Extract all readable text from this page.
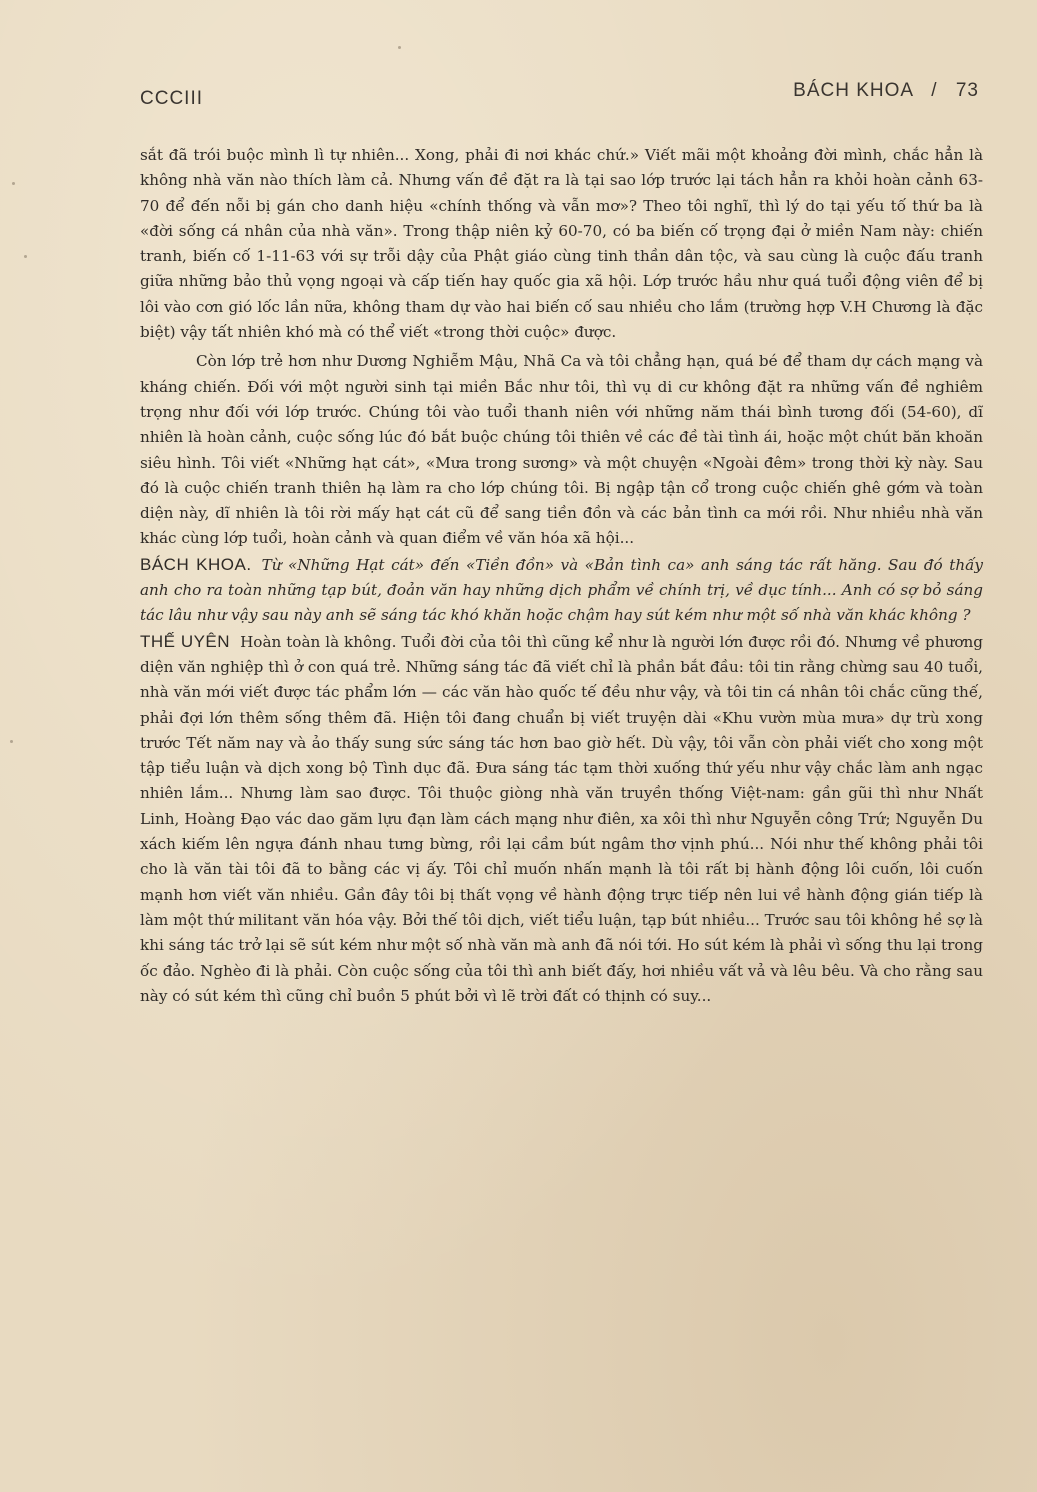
CCCIII	BÁCH KHOA / 73

sắt đã trói buộc mình lì tự nhiên... Xong, phải đi nơi khác chứ.» Viết mãi một khoảng đời mình, chắc hẳn là không nhà văn nào thích làm cả. Nhưng vấn đề đặt ra là tại sao lớp trước lại tách hẳn ra khỏi hoàn cảnh 63-70 để đến nỗi bị gán cho danh hiệu «chính thống và vẫn mơ»? Theo tôi nghĩ, thì lý do tại yếu tố thứ ba là «đời sống cá nhân của nhà văn». Trong thập niên kỷ 60-70, có ba biến cố trọng đại ở miền Nam này: chiến tranh, biến cố 1-11-63 với sự trỗi dậy của Phật giáo cùng tinh thần dân tộc, và sau cùng là cuộc đấu tranh giữa những bảo thủ vọng ngoại và cấp tiến hay quốc gia xã hội. Lớp trước hầu như quá tuổi động viên để bị lôi vào cơn gió lốc lần nữa, không tham dự vào hai biến cố sau nhiều cho lắm (trường hợp V.H Chương là đặc biệt) vậy tất nhiên khó mà có thể viết «trong thời cuộc» được.

Còn lớp trẻ hơn như Dương Nghiễm Mậu, Nhã Ca và tôi chẳng hạn, quá bé để tham dự cách mạng và kháng chiến. Đối với một người sinh tại miền Bắc như tôi, thì vụ di cư không đặt ra những vấn đề nghiêm trọng như đối với lớp trước. Chúng tôi vào tuổi thanh niên với những năm thái bình tương đối (54-60), dĩ nhiên là hoàn cảnh, cuộc sống lúc đó bắt buộc chúng tôi thiên về các đề tài tình ái, hoặc một chút băn khoăn siêu hình. Tôi viết «Những hạt cát», «Mưa trong sương» và một chuyện «Ngoài đêm» trong thời kỳ này. Sau đó là cuộc chiến tranh thiên hạ làm ra cho lớp chúng tôi. Bị ngập tận cổ trong cuộc chiến ghê gớm và toàn diện này, dĩ nhiên là tôi rời mấy hạt cát cũ để sang tiền đồn và các bản tình ca mới rồi. Như nhiều nhà văn khác cùng lớp tuổi, hoàn cảnh và quan điểm về văn hóa xã hội...

BÁCH KHOA. Từ «Những Hạt cát» đến «Tiền đồn» và «Bản tình ca» anh sáng tác rất hăng. Sau đó thấy anh cho ra toàn những tạp bút, đoản văn hay những dịch phẩm về chính trị, về dục tính... Anh có sợ bỏ sáng tác lâu như vậy sau này anh sẽ sáng tác khó khăn hoặc chậm hay sút kém như một số nhà văn khác không ?

THẾ UYÊN Hoàn toàn là không. Tuổi đời của tôi thì cũng kể như là người lớn được rồi đó. Nhưng về phương diện văn nghiệp thì ở con quá trẻ. Những sáng tác đã viết chỉ là phần bắt đầu: tôi tin rằng chừng sau 40 tuổi, nhà văn mới viết được tác phẩm lớn — các văn hào quốc tế đều như vậy, và tôi tin cá nhân tôi chắc cũng thế, phải đợi lớn thêm sống thêm đã. Hiện tôi đang chuẩn bị viết truyện dài «Khu vườn mùa mưa» dự trù xong trước Tết năm nay và ảo thấy sung sức sáng tác hơn bao giờ hết. Dù vậy, tôi vẫn còn phải viết cho xong một tập tiểu luận và dịch xong bộ Tình dục đã. Đưa sáng tác tạm thời xuống thứ yếu như vậy chắc làm anh ngạc nhiên lắm... Nhưng làm sao được. Tôi thuộc giòng nhà văn truyền thống Việt-nam: gần gũi thì như Nhất Linh, Hoàng Đạo vác dao găm lựu đạn làm cách mạng như điên, xa xôi thì như Nguyễn công Trứ; Nguyễn Du xách kiếm lên ngựa đánh nhau tưng bừng, rồi lại cầm bút ngâm thơ vịnh phú... Nói như thế không phải tôi cho là văn tài tôi đã to bằng các vị ấy. Tôi chỉ muốn nhấn mạnh là tôi rất bị hành động lôi cuốn, lôi cuốn mạnh hơn viết văn nhiều. Gần đây tôi bị thất vọng về hành động trực tiếp nên lui về hành động gián tiếp là làm một thứ militant văn hóa vậy. Bởi thế tôi dịch, viết tiểu luận, tạp bút nhiều... Trước sau tôi không hề sợ là khi sáng tác trở lại sẽ sút kém như một số nhà văn mà anh đã nói tới. Ho sút kém là phải vì sống thu lại trong ốc đảo. Nghèo đi là phải. Còn cuộc sống của tôi thì anh biết đấy, hơi nhiều vất vả và lêu bêu. Và cho rằng sau này có sút kém thì cũng chỉ buồn 5 phút bởi vì lẽ trời đất có thịnh có suy...
